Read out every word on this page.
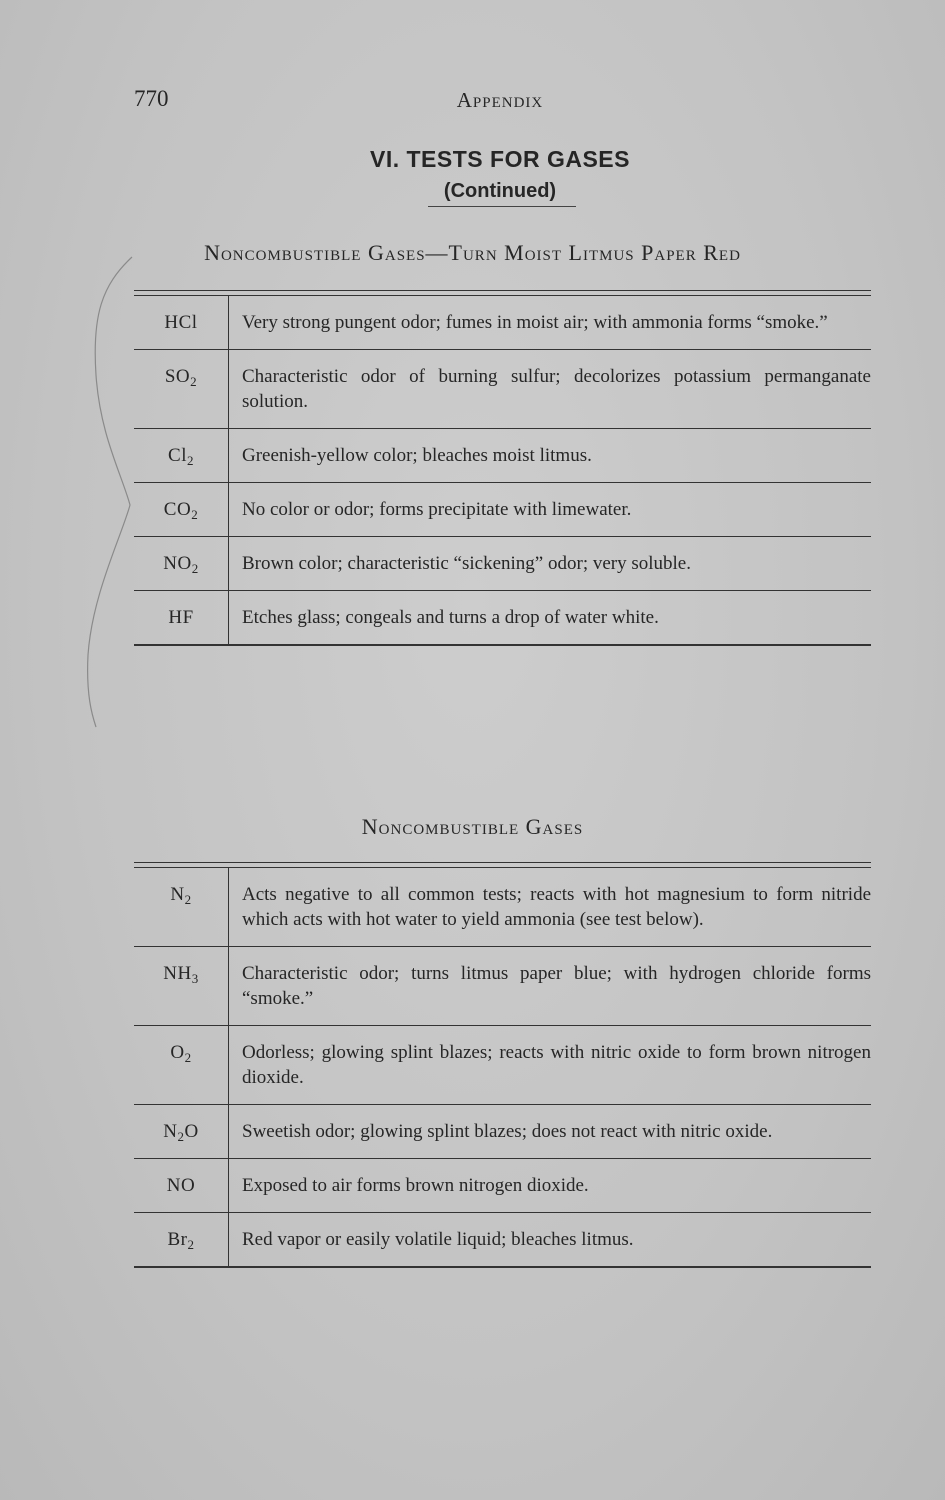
770	Appendix
VI. TESTS FOR GASES
(Continued)
Noncombustible Gases—Turn Moist Litmus Paper Red
HCl	Very strong pungent odor; fumes in moist air; with ammonia forms “smoke.”
$SO_2$	Characteristic odor of burning sulfur; decolorizes potassium permanganate solution.
$Cl_2$	Greenish-yellow color; bleaches moist litmus.
$CO_2$	No color or odor; forms precipitate with limewater.
$NO_2$	Brown color; characteristic “sickening” odor; very soluble.
HF	Etches glass; congeals and turns a drop of water white.
Noncombustible Gases
$N_2$	Acts negative to all common tests; reacts with hot magnesium to form nitride which acts with hot water to yield ammonia (see test below).
$NH_3$	Characteristic odor; turns litmus paper blue; with hydrogen chloride forms “smoke.”
$O_2$	Odorless; glowing splint blazes; reacts with nitric oxide to form brown nitrogen dioxide.
$N_2O$	Sweetish odor; glowing splint blazes; does not react with nitric oxide.
NO	Exposed to air forms brown nitrogen dioxide.
$Br_2$	Red vapor or easily volatile liquid; bleaches litmus.
